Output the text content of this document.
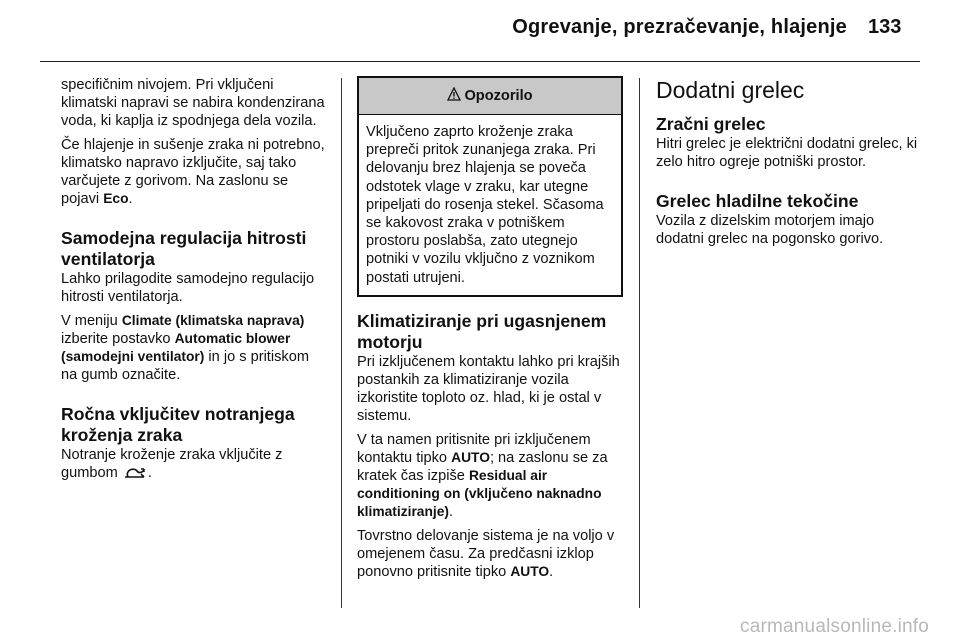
Ogrevanje, prezračevanje, hlajenje 133

specifičnim nivojem. Pri vključeni klimatski napravi se nabira kondenzirana voda, ki kaplja iz spodnjega dela vozila.

Če hlajenje in sušenje zraka ni potrebno, klimatsko napravo izključite, saj tako varčujete z gorivom. Na zaslonu se pojavi Eco.

Samodejna regulacija hitrosti ventilatorja

Lahko prilagodite samodejno regulacijo hitrosti ventilatorja.

V meniju Climate (klimatska naprava) izberite postavko Automatic blower (samodejni ventilator) in jo s pritiskom na gumb označite.

Ročna vključitev notranjega kroženja zraka

Notranje kroženje zraka vključite z gumbom .

Opozorilo
Vključeno zaprto kroženje zraka prepreči pritok zunanjega zraka. Pri delovanju brez hlajenja se poveča odstotek vlage v zraku, kar utegne pripeljati do rosenja stekel. Sčasoma se kakovost zraka v potniškem prostoru poslabša, zato utegnejo potniki v vozilu vključno z voznikom postati utrujeni.
Klimatiziranje pri ugasnjenem motorju

Pri izključenem kontaktu lahko pri krajših postankih za klimatiziranje vozila izkoristite toploto oz. hlad, ki je ostal v sistemu.

V ta namen pritisnite pri izključenem kontaktu tipko AUTO; na zaslonu se za kratek čas izpiše Residual air conditioning on (vključeno naknadno klimatiziranje).

Tovrstno delovanje sistema je na voljo v omejenem času. Za predčasni izklop ponovno pritisnite tipko AUTO.

Dodatni grelec
Zračni grelec

Hitri grelec je električni dodatni grelec, ki zelo hitro ogreje potniški prostor.

Grelec hladilne tekočine

Vozila z dizelskim motorjem imajo dodatni grelec na pogonsko gorivo.

carmanualsonline.info
